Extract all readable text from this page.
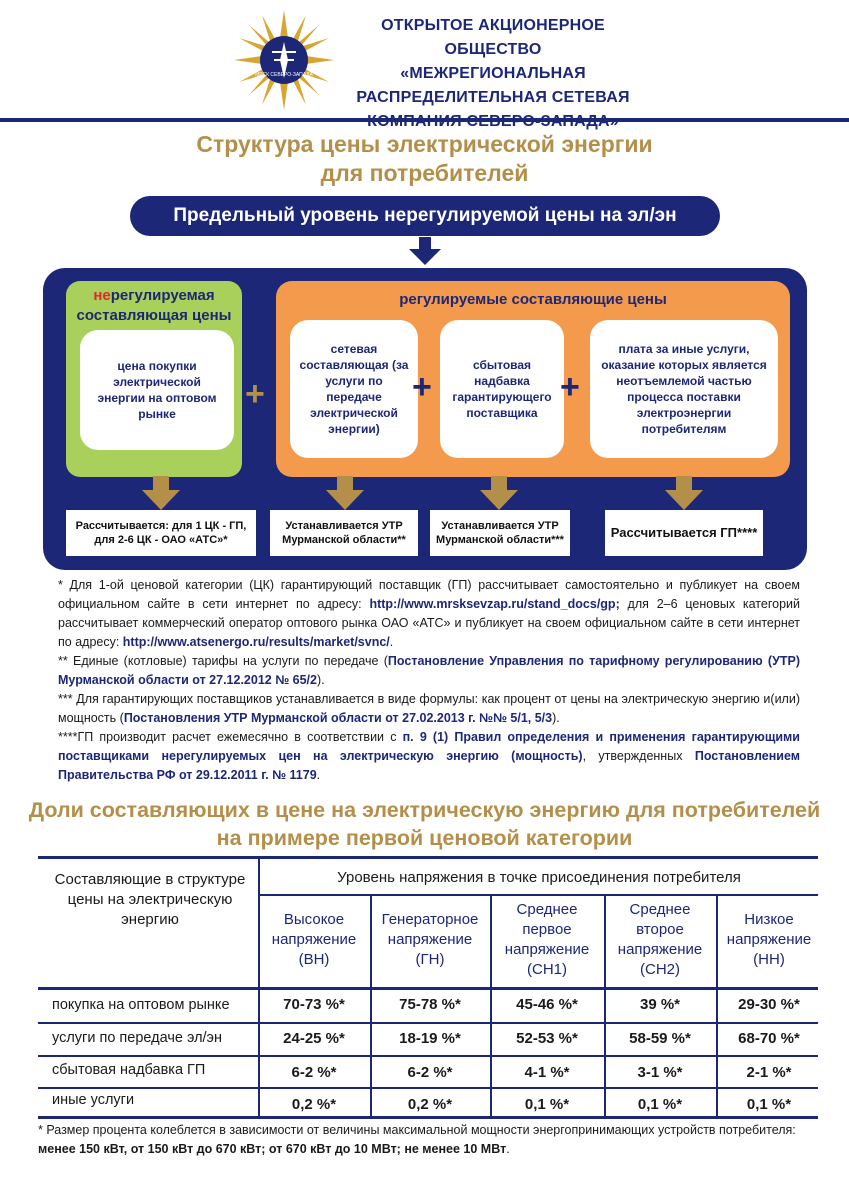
МРСК СЕВЕРО-ЗАПАДА
ОТКРЫТОЕ АКЦИОНЕРНОЕ ОБЩЕСТВО
«МЕЖРЕГИОНАЛЬНАЯ
РАСПРЕДЕЛИТЕЛЬНАЯ СЕТЕВАЯ
Структура цены электрической энергии
для потребителей
Предельный уровень нерегулируемой цены на эл/эн
нерегулируемая
составляющая цены
цена покупки электрической энергии на оптовом рынке
регулируемые составляющие цены
сетевая составляющая (за услуги по передаче электрической энергии)
сбытовая надбавка гарантирующего поставщика
плата за иные услуги, оказание которых является неотъемлемой частью процесса поставки электроэнергии потребителям
+	+	+
Рассчитывается: для 1 ЦК - ГП, для 2-6 ЦК - ОАО «АТС»*
Устанавливается УТР Мурманской области**
Устанавливается УТР Мурманской области***	Рассчитывается ГП****

* Для 1-ой ценовой категории (ЦК) гарантирующий поставщик (ГП) рассчитывает самостоятельно и публикует на своем официальном сайте в сети интернет по адресу: http://www.mrsksevzap.ru/stand_docs/gp; для 2–6 ценовых категорий рассчитывает коммерческий оператор оптового рынка ОАО «АТС» и публикует на своем официальном сайте в сети интернет по адресу: http://www.atsenergo.ru/results/market/svnc/.

** Единые (котловые) тарифы на услуги по передаче (Постановление Управления по тарифному регулированию (УТР) Мурманской области от 27.12.2012 № 65/2).

*** Для гарантирующих поставщиков устанавливается в виде формулы: как процент от цены на электрическую энергию и(или) мощность (Постановления УТР Мурманской области от 27.02.2013 г. №№ 5/1, 5/3).

****ГП производит расчет ежемесячно в соответствии с п. 9 (1) Правил определения и применения гарантирующими поставщиками нерегулируемых цен на электрическую энергию (мощность), утвержденных Постановлением Правительства РФ от 29.12.2011 г. № 1179.

Доли составляющих в цене на электрическую энергию для потребителей
на примере первой ценовой категории
Составляющие в структуре цены на электрическую энергию
Уровень напряжения в точке присоединения потребителя
Высокое напряжение (ВН)
Генераторное напряжение (ГН)
Среднее первое напряжение (СН1)
Среднее второе напряжение (СН2)
Низкое напряжение (НН)
покупка на оптовом рынке	70-73 %*	75-78 %*	45-46 %*	39 %*	29-30 %*
услуги по передаче эл/эн	24-25 %*	18-19 %*	52-53 %*	58-59 %*	68-70 %*
сбытовая надбавка ГП	6-2 %*	6-2 %*	4-1 %*	3-1 %*	2-1 %*
иные услуги	0,2 %*	0,2 %*	0,1 %*	0,1 %*	0,1 %*
* Размер процента колеблется в зависимости от величины максимальной мощности энергопринимающих устройств потребителя: менее 150 кВт, от 150 кВт до 670 кВт; от 670 кВт до 10 МВт; не менее 10 МВт.
